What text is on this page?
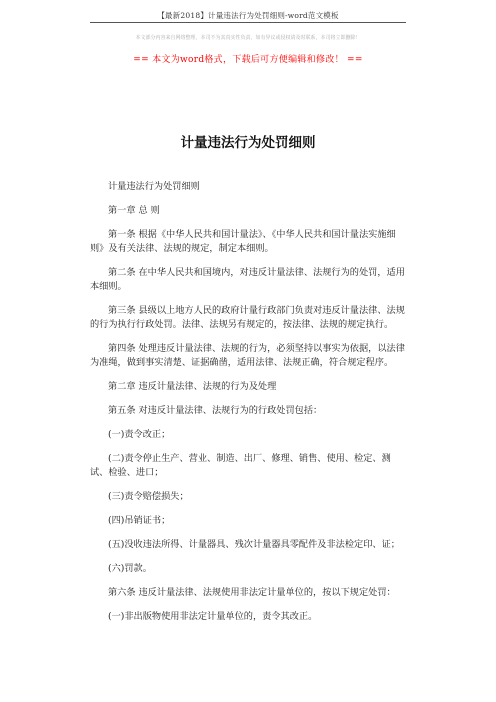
【最新2018】计量违法行为处罚细则-word范文模板
本文部分内容来自网络整理，本司不为其真实性负责，如有异议或侵权请及时联系，本司将立即删除！
== 本文为word格式，下载后可方便编辑和修改！ ==
计量违法行为处罚细则

计量违法行为处罚细则

第一章 总 则

第一条 根据《中华人民共和国计量法》、《中华人民共和国计量法实施细则》及有关法律、法规的规定，制定本细则。

第二条 在中华人民共和国境内，对违反计量法律、法规行为的处罚，适用本细则。

第三条 县级以上地方人民的政府计量行政部门负责对违反计量法律、法规的行为执行行政处罚。法律、法规另有规定的，按法律、法规的规定执行。

第四条 处理违反计量法律、法规的行为，必须坚持以事实为依据，以法律为准绳，做到事实清楚、证据确凿，适用法律、法规正确，符合规定程序。

第二章 违反计量法律、法规的行为及处理

第五条 对违反计量法律、法规行为的行政处罚包括：

(一)责令改正；

(二)责令停止生产、营业、制造、出厂、修理、销售、使用、检定、测试、检验、进口；

(三)责令赔偿损失；

(四)吊销证书；

(五)没收违法所得、计量器具、残次计量器具零配件及非法检定印、证；

(六)罚款。

第六条 违反计量法律、法规使用非法定计量单位的，按以下规定处罚：

(一)非出版物使用非法定计量单位的，责令其改正。
